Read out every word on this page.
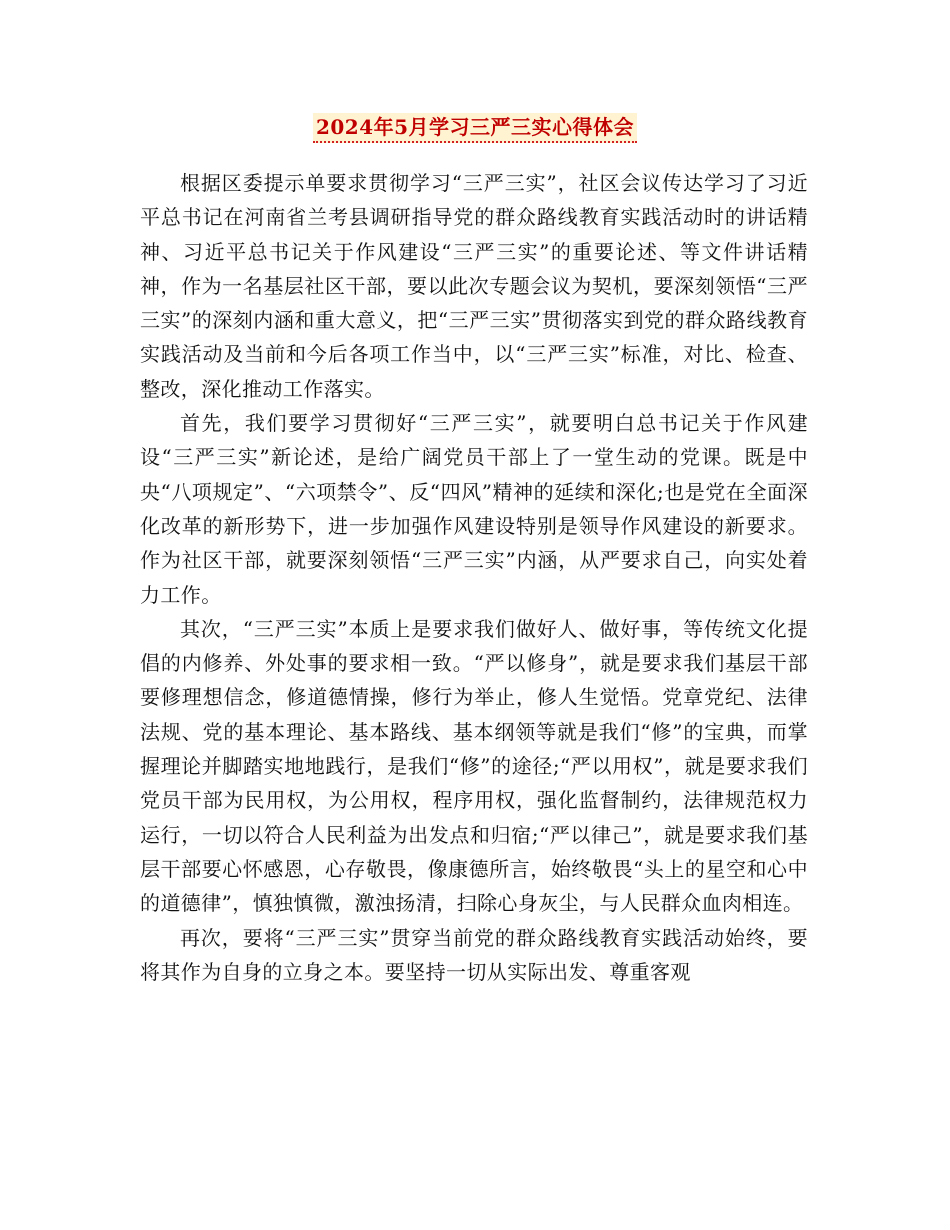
2024年5月学习三严三实心得体会

根据区委提示单要求贯彻学习“三严三实”，社区会议传达学习了习近平总书记在河南省兰考县调研指导党的群众路线教育实践活动时的讲话精神、习近平总书记关于作风建设“三严三实”的重要论述、等文件讲话精神，作为一名基层社区干部，要以此次专题会议为契机，要深刻领悟“三严三实”的深刻内涵和重大意义，把“三严三实”贯彻落实到党的群众路线教育实践活动及当前和今后各项工作当中，以“三严三实”标准，对比、检查、整改，深化推动工作落实。

首先，我们要学习贯彻好“三严三实”，就要明白总书记关于作风建设“三严三实”新论述，是给广阔党员干部上了一堂生动的党课。既是中央“八项规定”、“六项禁令”、反“四风”精神的延续和深化;也是党在全面深化改革的新形势下，进一步加强作风建设特别是领导作风建设的新要求。作为社区干部，就要深刻领悟“三严三实”内涵，从严要求自己，向实处着力工作。

其次，“三严三实”本质上是要求我们做好人、做好事，等传统文化提倡的内修养、外处事的要求相一致。“严以修身”，就是要求我们基层干部要修理想信念，修道德情操，修行为举止，修人生觉悟。党章党纪、法律法规、党的基本理论、基本路线、基本纲领等就是我们“修”的宝典，而掌握理论并脚踏实地地践行，是我们“修”的途径;“严以用权”，就是要求我们党员干部为民用权，为公用权，程序用权，强化监督制约，法律规范权力运行，一切以符合人民利益为出发点和归宿;“严以律己”，就是要求我们基层干部要心怀感恩，心存敬畏，像康德所言，始终敬畏“头上的星空和心中的道德律”，慎独慎微，激浊扬清，扫除心身灰尘，与人民群众血肉相连。

再次，要将“三严三实”贯穿当前党的群众路线教育实践活动始终，要将其作为自身的立身之本。要坚持一切从实际出发、尊重客观
